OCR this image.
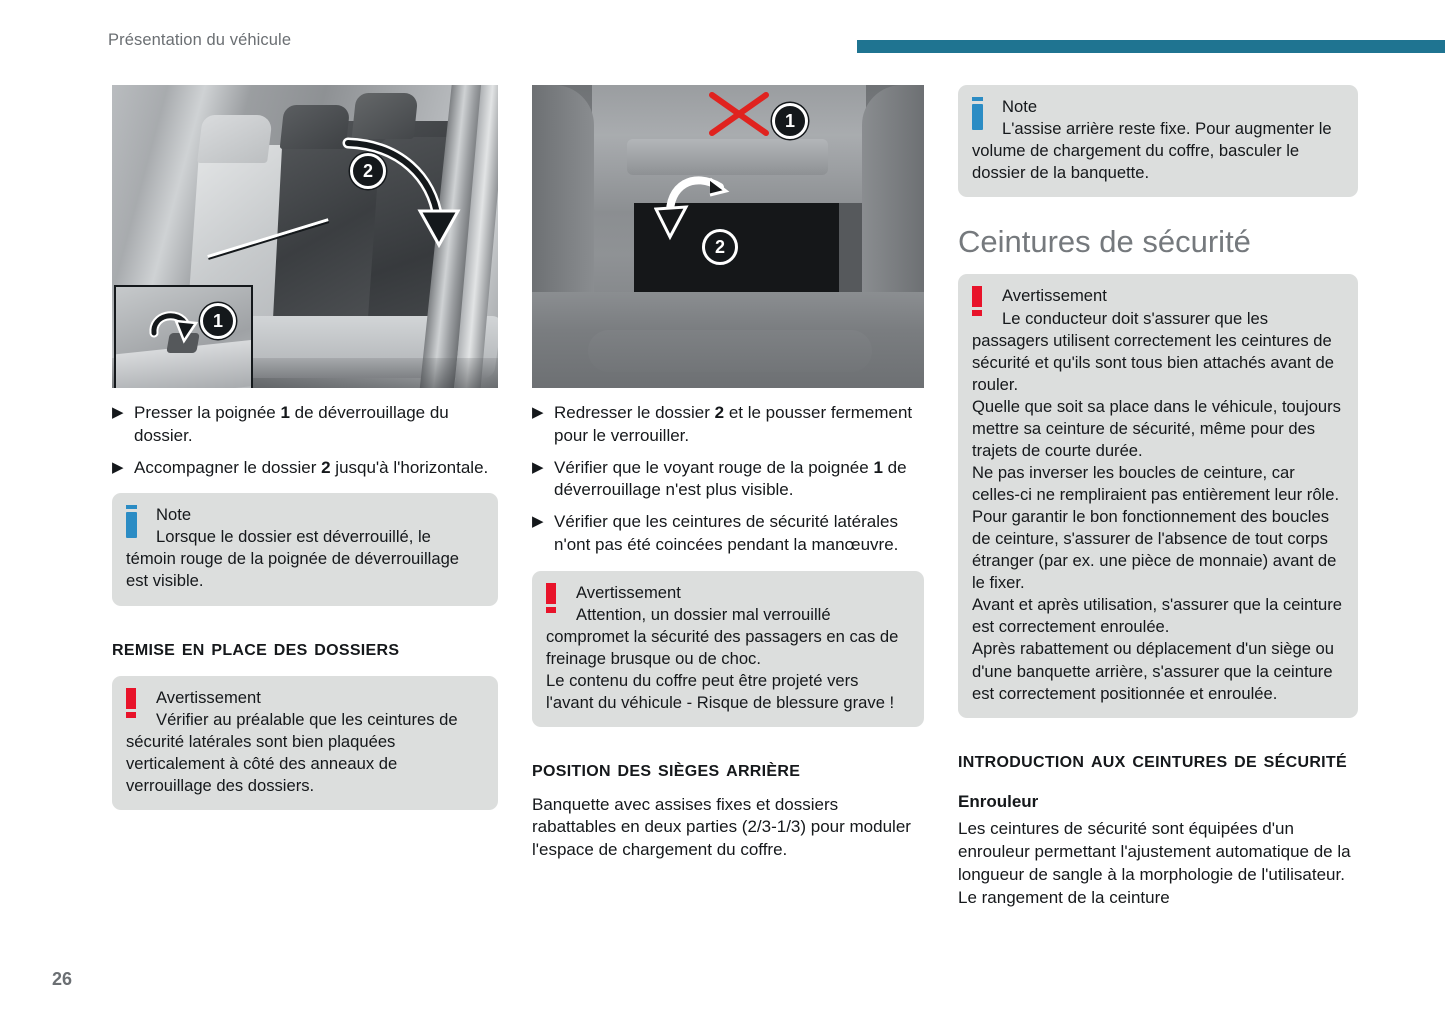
Présentation du véhicule
2
1
▶ Presser la poignée 1 de déverrouillage du dossier.
▶ Accompagner le dossier 2 jusqu'à l'horizontale.
Note
Lorsque le dossier est déverrouillé, le témoin rouge de la poignée de déverrouillage est visible.
remise en place des dossiers
Avertissement
Vérifier au préalable que les ceintures de sécurité latérales sont bien plaquées verticalement à côté des anneaux de verrouillage des dossiers.
1
2
▶ Redresser le dossier 2 et le pousser fermement pour le verrouiller.
▶ Vérifier que le voyant rouge de la poignée 1 de déverrouillage n'est plus visible.
▶ Vérifier que les ceintures de sécurité latérales n'ont pas été coincées pendant la manœuvre.
Avertissement
Attention, un dossier mal verrouillé compromet la sécurité des passagers en cas de freinage brusque ou de choc.
Le contenu du coffre peut être projeté vers l'avant du véhicule - Risque de blessure grave !
position des sièges arrière

Banquette avec assises fixes et dossiers rabattables en deux parties (2/3-1/3) pour moduler l'espace de chargement du coffre.

Note
L'assise arrière reste fixe. Pour augmenter le volume de chargement du coffre, basculer le dossier de la banquette.
Ceintures de sécurité
Avertissement
Le conducteur doit s'assurer que les passagers utilisent correctement les ceintures de sécurité et qu'ils sont tous bien attachés avant de rouler.
Quelle que soit sa place dans le véhicule, toujours mettre sa ceinture de sécurité, même pour des trajets de courte durée.
Ne pas inverser les boucles de ceinture, car celles-ci ne rempliraient pas entièrement leur rôle.
Pour garantir le bon fonctionnement des boucles de ceinture, s'assurer de l'absence de tout corps étranger (par ex. une pièce de monnaie) avant de le fixer.
Avant et après utilisation, s'assurer que la ceinture est correctement enroulée.
Après rabattement ou déplacement d'un siège ou d'une banquette arrière, s'assurer que la ceinture est correctement positionnée et enroulée.
introduction aux ceintures de sécurité
Enrouleur

Les ceintures de sécurité sont équipées d'un enrouleur permettant l'ajustement automatique de la longueur de sangle à la morphologie de l'utilisateur. Le rangement de la ceinture

26
